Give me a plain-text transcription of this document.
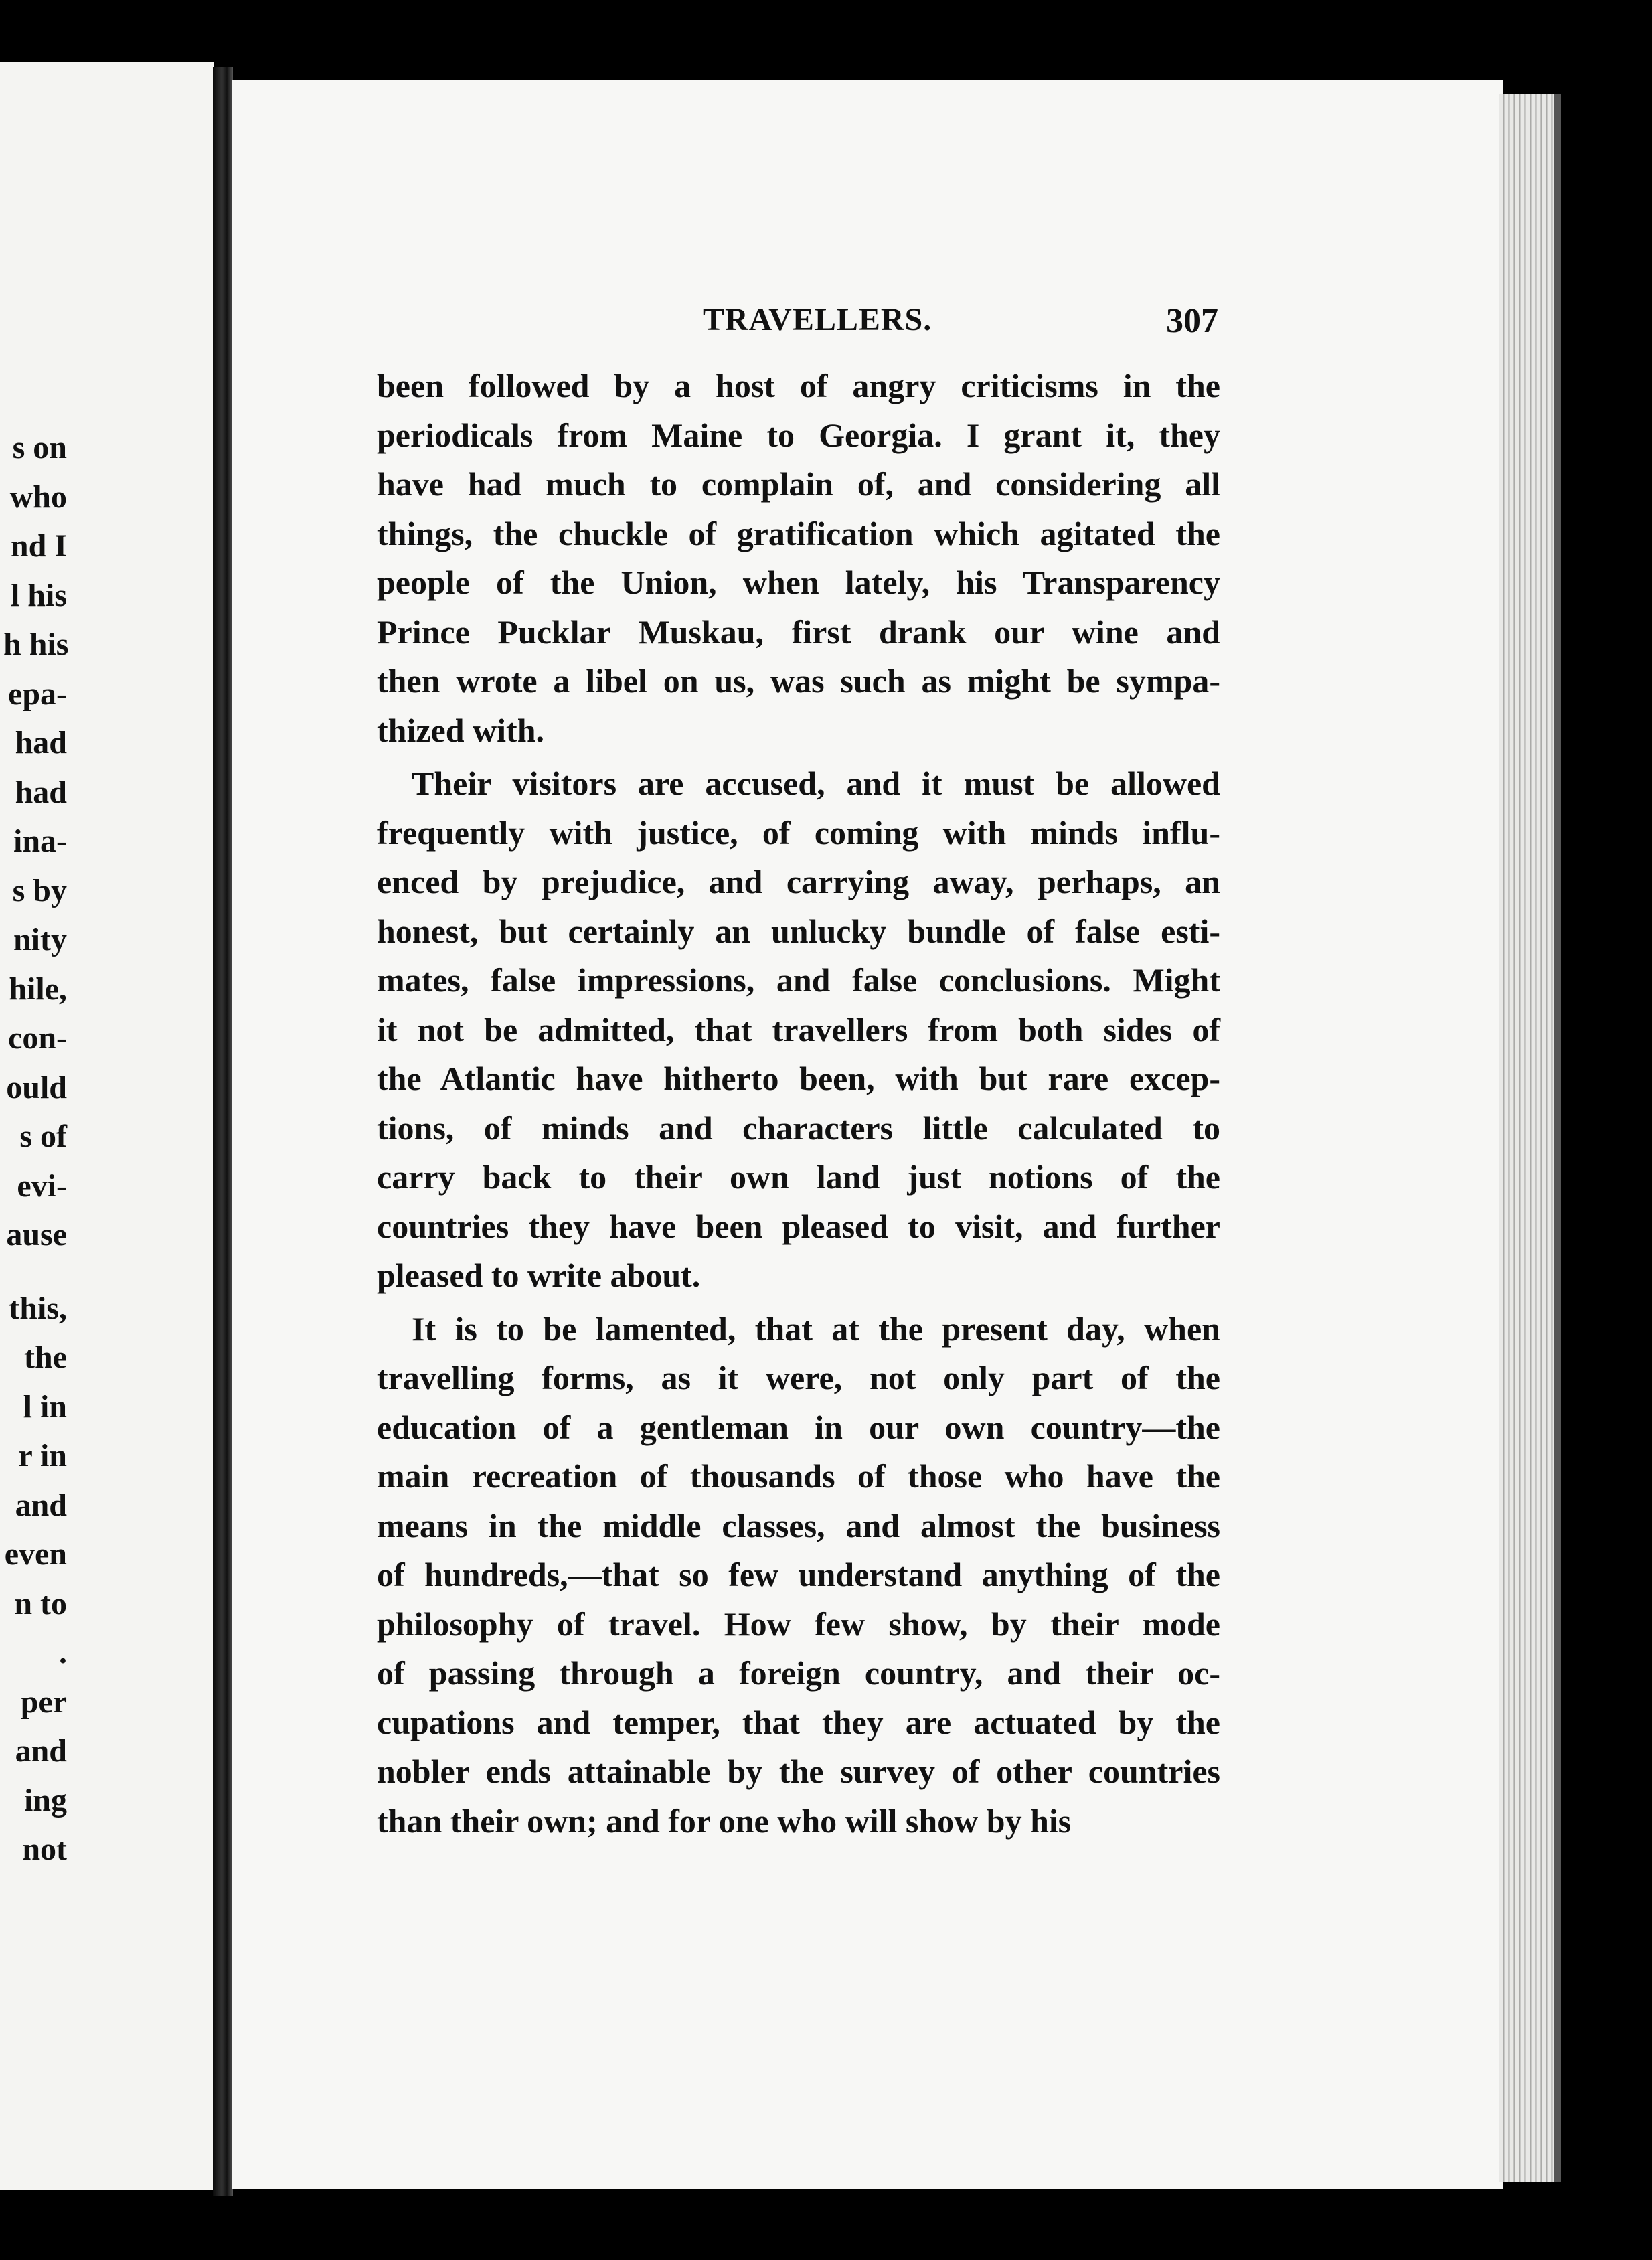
s on
who
nd I
l his
h his
epa-
had
had
ina-
s by
nity
hile,
con-
ould
s of
evi-
ause
this,
the
l in
r in
and
even
n to
.
per
and
ing
not
TRAVELLERS.	307
been followed by a host of angry criticisms in the
periodicals from Maine to Georgia. I grant it, they
have had much to complain of, and considering all
things, the chuckle of gratification which agitated the
people of the Union, when lately, his Transparency
Prince Pucklar Muskau, first drank our wine and
then wrote a libel on us, was such as might be sympa-
thized with.
Their visitors are accused, and it must be allowed
frequently with justice, of coming with minds influ-
enced by prejudice, and carrying away, perhaps, an
honest, but certainly an unlucky bundle of false esti-
mates, false impressions, and false conclusions. Might
it not be admitted, that travellers from both sides of
the Atlantic have hitherto been, with but rare excep-
tions, of minds and characters little calculated to
carry back to their own land just notions of the
countries they have been pleased to visit, and further
pleased to write about.
It is to be lamented, that at the present day, when
travelling forms, as it were, not only part of the
education of a gentleman in our own country—the
main recreation of thousands of those who have the
means in the middle classes, and almost the business
of hundreds,—that so few understand anything of the
philosophy of travel. How few show, by their mode
of passing through a foreign country, and their oc-
cupations and temper, that they are actuated by the
nobler ends attainable by the survey of other countries
than their own; and for one who will show by his
